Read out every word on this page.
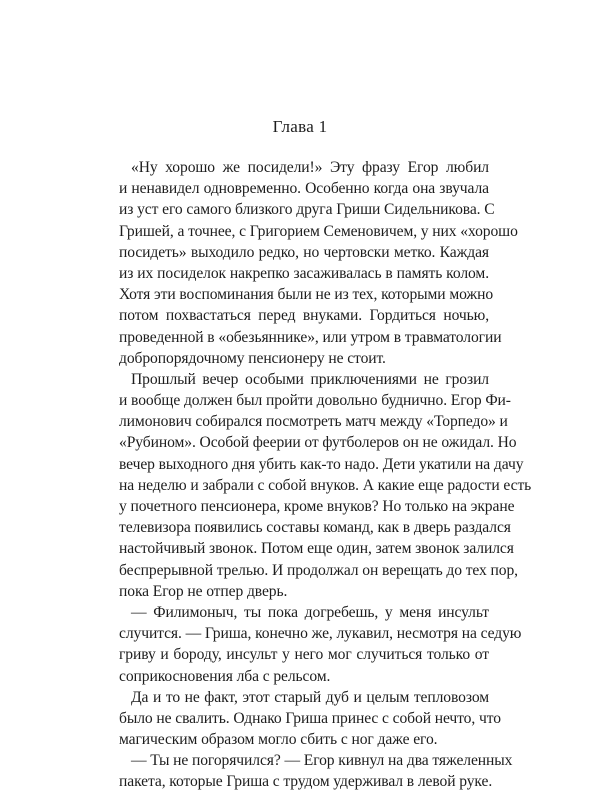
Глава 1
«Ну хорошо же посидели!» Эту фразу Егор любил
и ненавидел одновременно. Особенно когда она звучала
из уст его самого близкого друга Гриши Сидельникова. С
Гришей, а точнее, с Григорием Семеновичем, у них «хорошо
посидеть» выходило редко, но чертовски метко. Каждая
из их посиделок накрепко засаживалась в память колом.
Хотя эти воспоминания были не из тех, которыми можно
потом похвастаться перед внуками. Гордиться ночью,
проведенной в «обезьяннике», или утром в травматологии
добропорядочному пенсионеру не стоит.
Прошлый вечер особыми приключениями не грозил
и вообще должен был пройти довольно буднично. Егор Фи-
лимонович собирался посмотреть матч между «Торпедо» и
«Рубином». Особой феерии от футболеров он не ожидал. Но
вечер выходного дня убить как-то надо. Дети укатили на дачу
на неделю и забрали с собой внуков. А какие еще радости есть
у почетного пенсионера, кроме внуков? Но только на экране
телевизора появились составы команд, как в дверь раздался
настойчивый звонок. Потом еще один, затем звонок залился
беспрерывной трелью. И продолжал он верещать до тех пор,
пока Егор не отпер дверь.
— Филимоныч, ты пока догребешь, у меня инсульт
случится. — Гриша, конечно же, лукавил, несмотря на седую
гриву и бороду, инсульт у него мог случиться только от
соприкосновения лба с рельсом.
Да и то не факт, этот старый дуб и целым тепловозом
было не свалить. Однако Гриша принес с собой нечто, что
магическим образом могло сбить с ног даже его.
— Ты не погорячился? — Егор кивнул на два тяжеленных
пакета, которые Гриша с трудом удерживал в левой руке.
